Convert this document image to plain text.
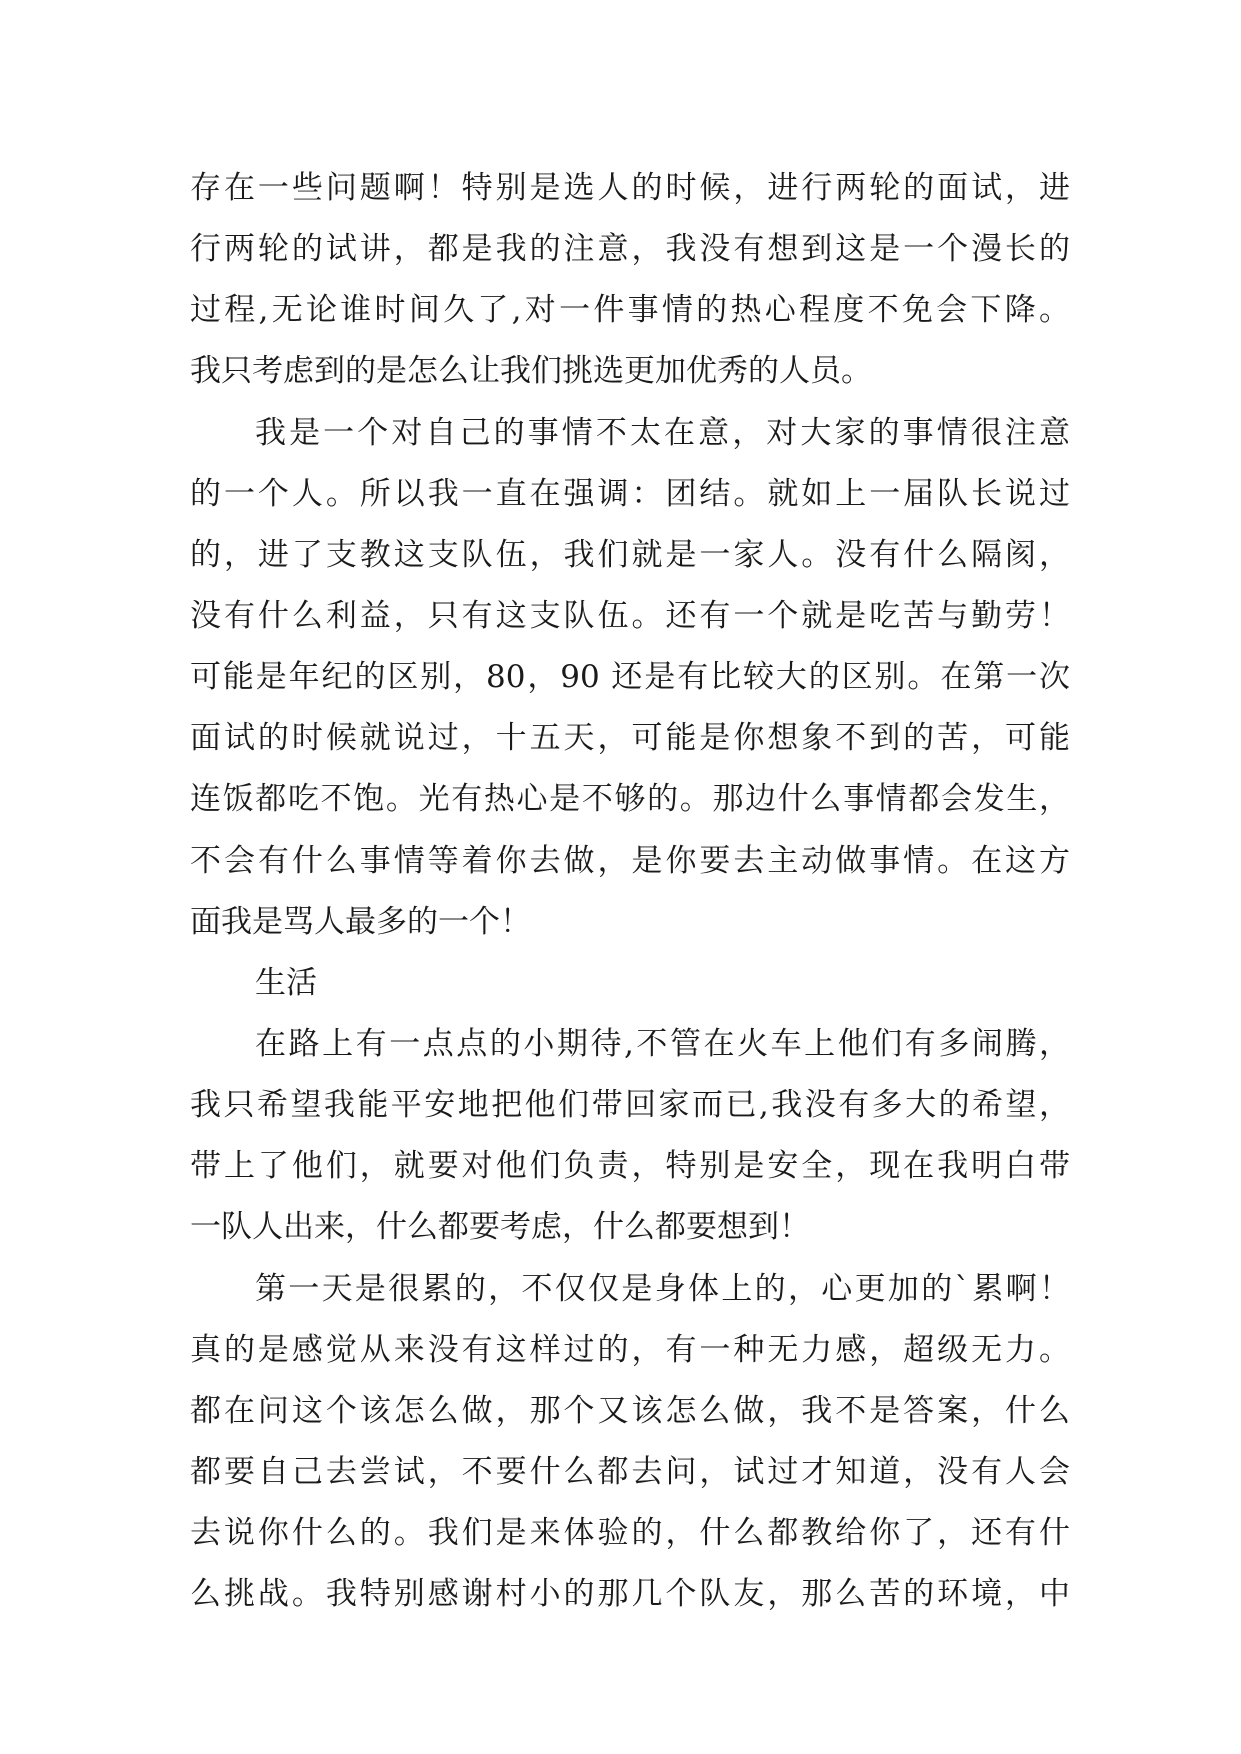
存在一些问题啊！特别是选人的时候，进行两轮的面试，进
行两轮的试讲，都是我的注意，我没有想到这是一个漫长的
过程,无论谁时间久了,对一件事情的热心程度不免会下降。
我只考虑到的是怎么让我们挑选更加优秀的人员。
我是一个对自己的事情不太在意，对大家的事情很注意
的一个人。所以我一直在强调：团结。就如上一届队长说过
的，进了支教这支队伍，我们就是一家人。没有什么隔阂，
没有什么利益，只有这支队伍。还有一个就是吃苦与勤劳！
可能是年纪的区别，80，90 还是有比较大的区别。在第一次
面试的时候就说过，十五天，可能是你想象不到的苦，可能
连饭都吃不饱。光有热心是不够的。那边什么事情都会发生，
不会有什么事情等着你去做，是你要去主动做事情。在这方
面我是骂人最多的一个！
生活
在路上有一点点的小期待,不管在火车上他们有多闹腾，
我只希望我能平安地把他们带回家而已,我没有多大的希望，
带上了他们，就要对他们负责，特别是安全，现在我明白带
一队人出来，什么都要考虑，什么都要想到！
第一天是很累的，不仅仅是身体上的，心更加的`累啊！
真的是感觉从来没有这样过的，有一种无力感，超级无力。
都在问这个该怎么做，那个又该怎么做，我不是答案，什么
都要自己去尝试，不要什么都去问，试过才知道，没有人会
去说你什么的。我们是来体验的，什么都教给你了，还有什
么挑战。我特别感谢村小的那几个队友，那么苦的环境，中
